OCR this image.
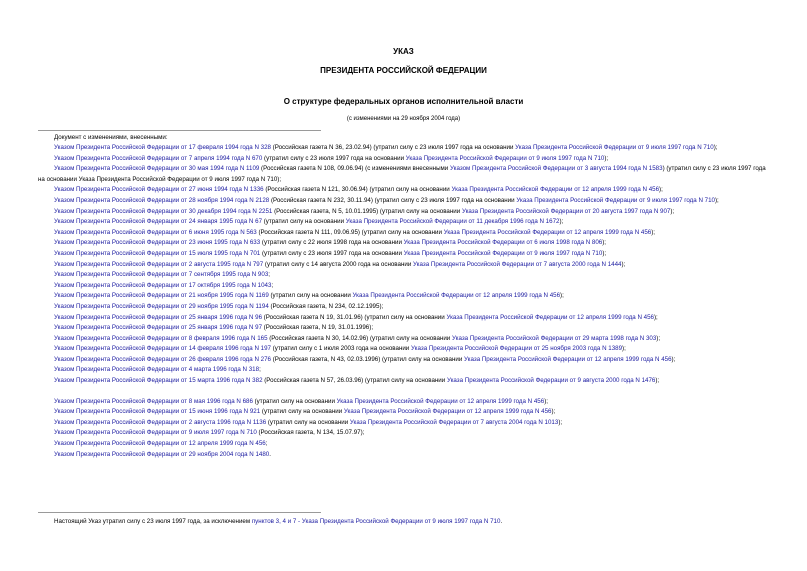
УКАЗ
ПРЕЗИДЕНТА РОССИЙСКОЙ ФЕДЕРАЦИИ
О структуре федеральных органов исполнительной власти
(с изменениями на 29 ноября 2004 года)
Документ с изменениями, внесенными:
Указом Президента Российской Федерации от 17 февраля 1994 года N 328 (Российская газета N 36, 23.02.94) (утратил силу с 23 июля 1997 года на основании Указа Президента Российской Федерации от 9 июля 1997 года N 710);
Указом Президента Российской Федерации от 7 апреля 1994 года N 670 (утратил силу с 23 июля 1997 года на основании Указа Президента Российской Федерации от 9 июля 1997 года N 710);
Указом Президента Российской Федерации от 30 мая 1994 года N 1109 (Российская газета N 108, 09.06.94) (с изменениями внесенными Указом Президента Российской Федерации от 3 августа 1994 года N 1583) (утратил силу с 23 июля 1997 года на основании Указа Президента Российской Федерации от 9 июля 1997 года N 710);
Указом Президента Российской Федерации от 27 июня 1994 года N 1336 (Российская газета N 121, 30.06.94) (утратил силу на основании Указа Президента Российской Федерации от 12 апреля 1999 года N 456);
Указом Президента Российской Федерации от 28 ноября 1994 года N 2128 (Российская газета N 232, 30.11.94) (утратил силу с 23 июля 1997 года на основании Указа Президента Российской Федерации от 9 июля 1997 года N 710);
Указом Президента Российской Федерации от 30 декабря 1994 года N 2251 (Российская газета, N 5, 10.01.1995) (утратил силу на основании Указа Президента Российской Федерации от 20 августа 1997 года N 907);
Указом Президента Российской Федерации от 24 января 1995 года N 67 (утратил силу на основании Указа Президента Российской Федерации от 11 декабря 1996 года N 1672);
Указом Президента Российской Федерации от 6 июня 1995 года N 563 (Российская газета N 111, 09.06.95) (утратил силу на основании Указа Президента Российской Федерации от 12 апреля 1999 года N 456);
Указом Президента Российской Федерации от 23 июня 1995 года N 633 (утратил силу с 22 июля 1998 года на основании Указа Президента Российской Федерации от 6 июля 1998 года N 806);
Указом Президента Российской Федерации от 15 июля 1995 года N 701 (утратил силу с 23 июля 1997 года на основании Указа Президента Российской Федерации от 9 июля 1997 года N 710);
Указом Президента Российской Федерации от 2 августа 1995 года N 797 (утратил силу с 14 августа 2000 года на основании Указа Президента Российской Федерации от 7 августа 2000 года N 1444);
Указом Президента Российской Федерации от 7 сентября 1995 года N 903;
Указом Президента Российской Федерации от 17 октября 1995 года N 1043;
Указом Президента Российской Федерации от 21 ноября 1995 года N 1169 (утратил силу на основании Указа Президента Российской Федерации от 12 апреля 1999 года N 456);
Указом Президента Российской Федерации от 29 ноября 1995 года N 1194 (Российская газета, N 234, 02.12.1995);
Указом Президента Российской Федерации от 25 января 1996 года N 96 (Российская газета N 19, 31.01.96) (утратил силу на основании Указа Президента Российской Федерации от 12 апреля 1999 года N 456);
Указом Президента Российской Федерации от 25 января 1996 года N 97 (Российская газета, N 19, 31.01.1996);
Указом Президента Российской Федерации от 8 февраля 1996 года N 165 (Российская газета N 30, 14.02.96) (утратил силу на основании Указа Президента Российской Федерации от 29 марта 1998 года N 303);
Указом Президента Российской Федерации от 14 февраля 1996 года N 197 (утратил силу с 1 июля 2003 года на основании Указа Президента Российской Федерации от 25 ноября 2003 года N 1389);
Указом Президента Российской Федерации от 26 февраля 1996 года N 276 (Российская газета, N 43, 02.03.1996) (утратил силу на основании Указа Президента Российской Федерации от 12 апреля 1999 года N 456);
Указом Президента Российской Федерации от 4 марта 1996 года N 318;
Указом Президента Российской Федерации от 15 марта 1996 года N 382 (Российская газета N 57, 26.03.96) (утратил силу на основании Указа Президента Российской Федерации от 9 августа 2000 года N 1476);
Указом Президента Российской Федерации от 8 мая 1996 года N 686 (утратил силу на основании Указа Президента Российской Федерации от 12 апреля 1999 года N 456);
Указом Президента Российской Федерации от 15 июня 1996 года N 921 (утратил силу на основании Указа Президента Российской Федерации от 12 апреля 1999 года N 456);
Указом Президента Российской Федерации от 2 августа 1996 года N 1136 (утратил силу на основании Указа Президента Российской Федерации от 7 августа 2004 года N 1013);
Указом Президента Российской Федерации от 9 июля 1997 года N 710 (Российская газета, N 134, 15.07.97);
Указом Президента Российской Федерации от 12 апреля 1999 года N 456;
Указом Президента Российской Федерации от 29 ноября 2004 года N 1480.
Настоящий Указ утратил силу с 23 июля 1997 года, за исключением пунктов 3, 4 и 7 - Указа Президента Российской Федерации от 9 июля 1997 года N 710.
